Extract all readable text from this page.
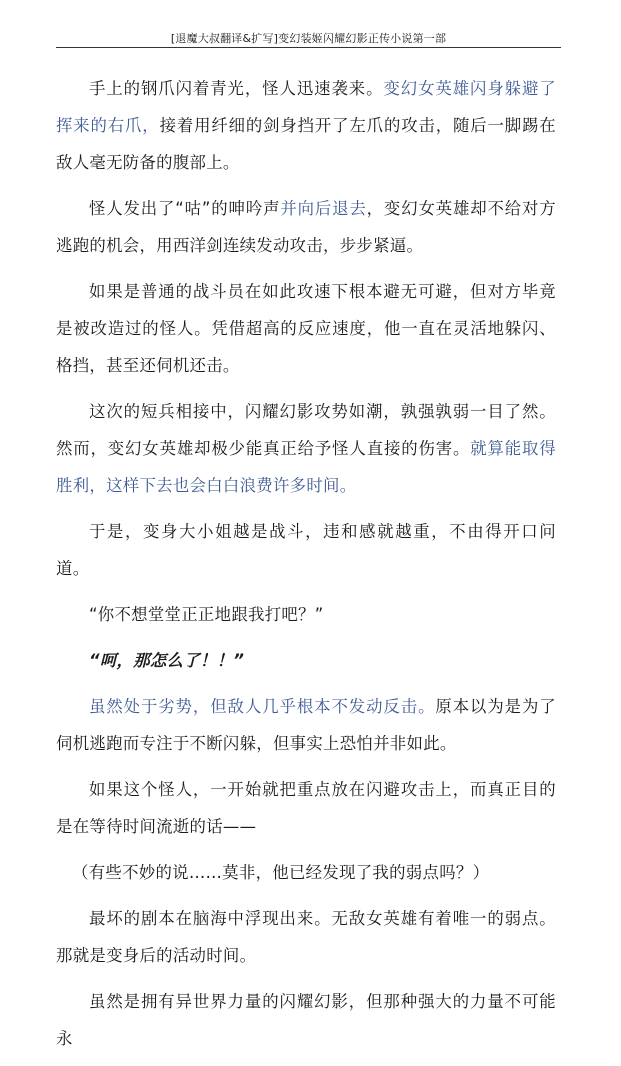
[退魔大叔翻译&扩写]变幻装姬闪耀幻影正传小说第一部

手上的钢爪闪着青光，怪人迅速袭来。变幻女英雄闪身躲避了挥来的右爪，接着用纤细的剑身挡开了左爪的攻击，随后一脚踢在敌人毫无防备的腹部上。

怪人发出了“咕”的呻吟声并向后退去，变幻女英雄却不给对方逃跑的机会，用西洋剑连续发动攻击，步步紧逼。

如果是普通的战斗员在如此攻速下根本避无可避，但对方毕竟是被改造过的怪人。凭借超高的反应速度，他一直在灵活地躲闪、格挡，甚至还伺机还击。

这次的短兵相接中，闪耀幻影攻势如潮，孰强孰弱一目了然。然而，变幻女英雄却极少能真正给予怪人直接的伤害。就算能取得胜利，这样下去也会白白浪费许多时间。

于是，变身大小姐越是战斗，违和感就越重，不由得开口问道。

“你不想堂堂正正地跟我打吧？”

“呵，那怎么了！！”

虽然处于劣势，但敌人几乎根本不发动反击。原本以为是为了伺机逃跑而专注于不断闪躲，但事实上恐怕并非如此。

如果这个怪人，一开始就把重点放在闪避攻击上，而真正目的是在等待时间流逝的话——

（有些不妙的说……莫非，他已经发现了我的弱点吗？）

最坏的剧本在脑海中浮现出来。无敌女英雄有着唯一的弱点。那就是变身后的活动时间。

虽然是拥有异世界力量的闪耀幻影，但那种强大的力量不可能永
